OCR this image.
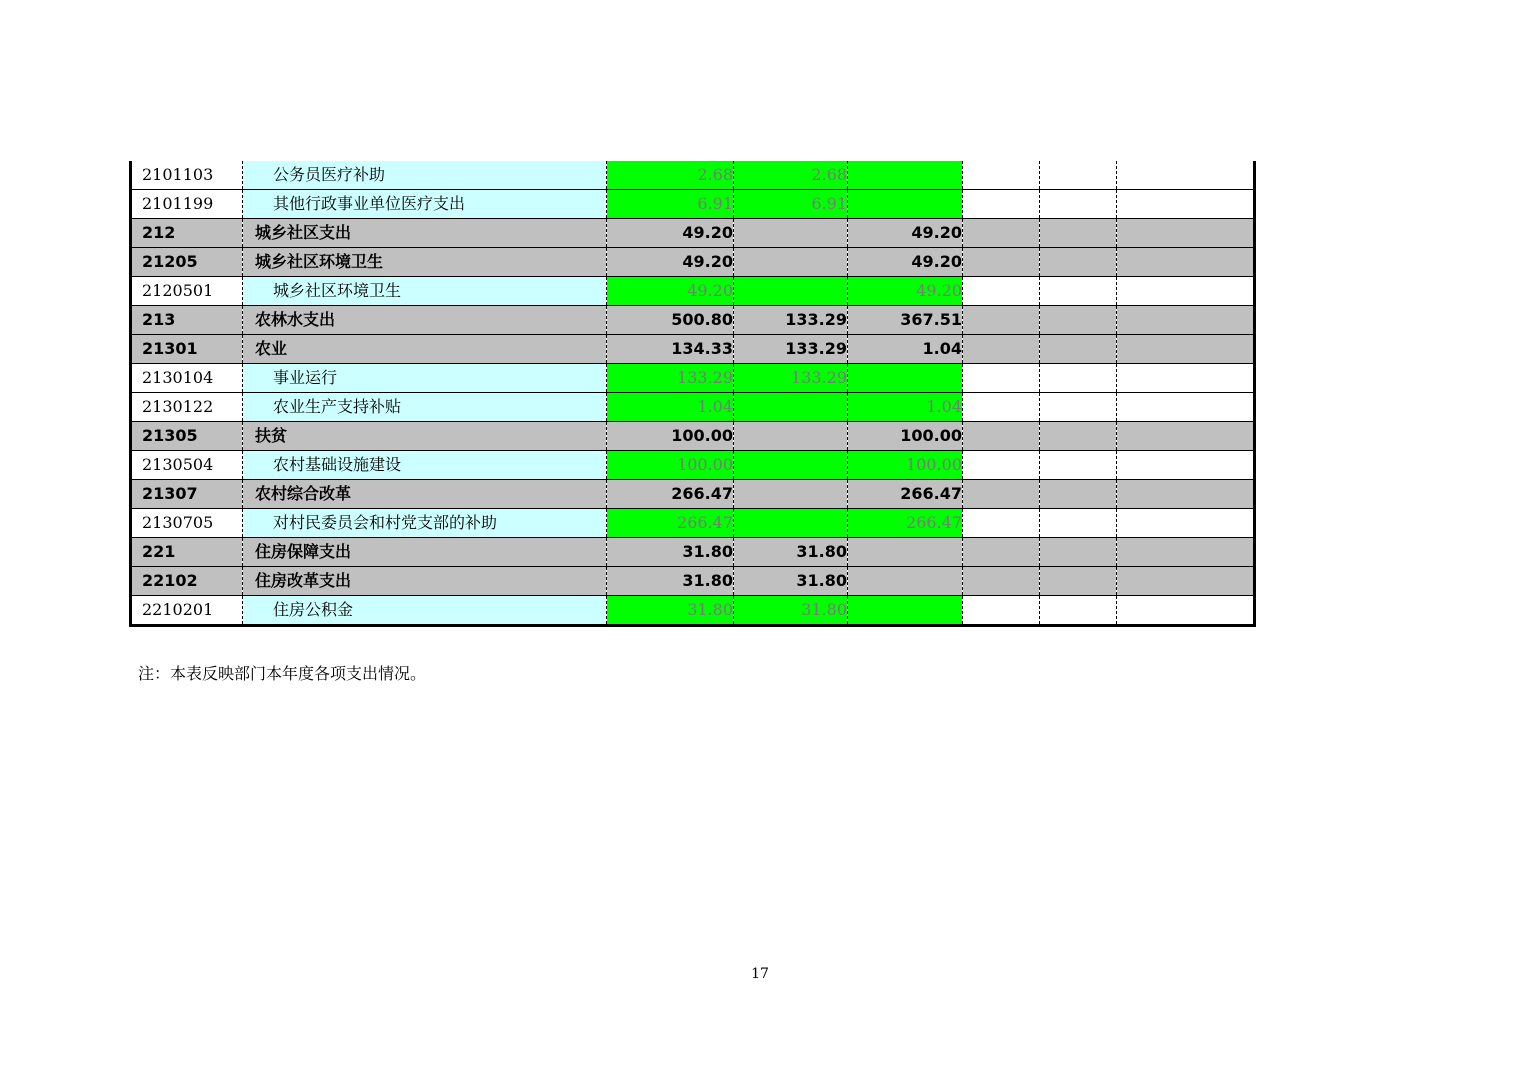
2101103	公务员医疗补助	2.68	2.68				
2101199	其他行政事业单位医疗支出	6.91	6.91				
212	城乡社区支出	49.20		49.20			
21205	城乡社区环境卫生	49.20		49.20			
2120501	城乡社区环境卫生	49.20		49.20			
213	农林水支出	500.80	133.29	367.51			
21301	农业	134.33	133.29	1.04			
2130104	事业运行	133.29	133.29				
2130122	农业生产支持补贴	1.04		1.04			
21305	扶贫	100.00		100.00			
2130504	农村基础设施建设	100.00		100.00			
21307	农村综合改革	266.47		266.47			
2130705	对村民委员会和村党支部的补助	266.47		266.47			
221	住房保障支出	31.80	31.80				
22102	住房改革支出	31.80	31.80				
2210201	住房公积金	31.80	31.80				
注：本表反映部门本年度各项支出情况。
17
